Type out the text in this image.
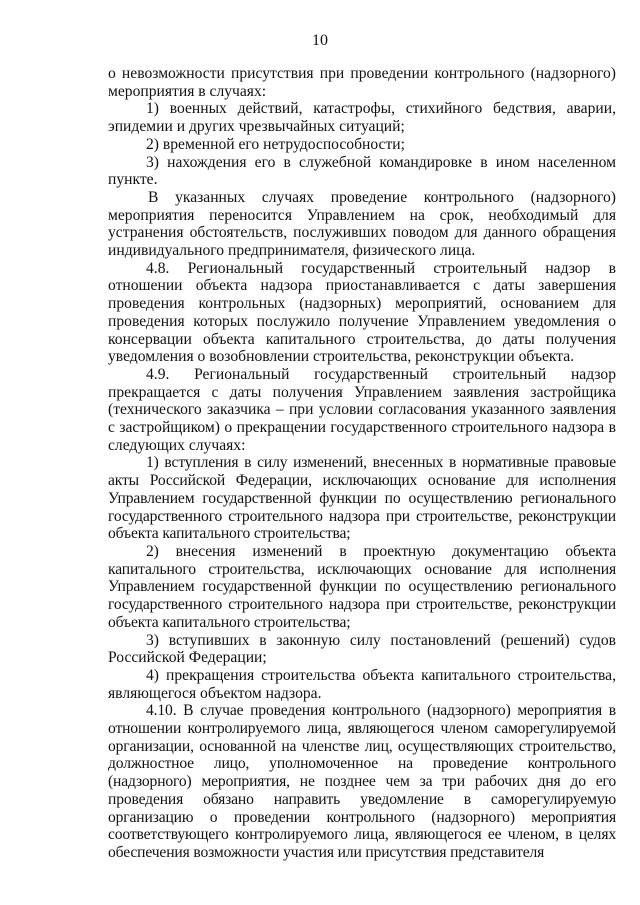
10

о невозможности присутствия при проведении контрольного (надзорного) мероприятия в случаях:

1) военных действий, катастрофы, стихийного бедствия, аварии, эпидемии и других чрезвычайных ситуаций;

2) временной его нетрудоспособности;

3) нахождения его в служебной командировке в ином населенном пункте.

В указанных случаях проведение контрольного (надзорного) мероприятия переносится Управлением на срок, необходимый для устранения обстоятельств, послуживших поводом для данного обращения индивидуального предпринимателя, физического лица.

4.8. Региональный государственный строительный надзор в отношении объекта надзора приостанавливается с даты завершения проведения контрольных (надзорных) мероприятий, основанием для проведения которых послужило получение Управлением уведомления о консервации объекта капитального строительства, до даты получения уведомления о возобновлении строительства, реконструкции объекта.

4.9. Региональный государственный строительный надзор прекращается с даты получения Управлением заявления застройщика (технического заказчика – при условии согласования указанного заявления с застройщиком) о прекращении государственного строительного надзора в следующих случаях:

1) вступления в силу изменений, внесенных в нормативные правовые акты Российской Федерации, исключающих основание для исполнения Управлением государственной функции по осуществлению регионального государственного строительного надзора при строительстве, реконструкции объекта капитального строительства;

2) внесения изменений в проектную документацию объекта капитального строительства, исключающих основание для исполнения Управлением государственной функции по осуществлению регионального государственного строительного надзора при строительстве, реконструкции объекта капитального строительства;

3) вступивших в законную силу постановлений (решений) судов Российской Федерации;

4) прекращения строительства объекта капитального строительства, являющегося объектом надзора.

4.10. В случае проведения контрольного (надзорного) мероприятия в отношении контролируемого лица, являющегося членом саморегулируемой организации, основанной на членстве лиц, осуществляющих строительство, должностное лицо, уполномоченное на проведение контрольного (надзорного) мероприятия, не позднее чем за три рабочих дня до его проведения обязано направить уведомление в саморегулируемую организацию о проведении контрольного (надзорного) мероприятия соответствующего контролируемого лица, являющегося ее членом, в целях обеспечения возможности участия или присутствия представителя
